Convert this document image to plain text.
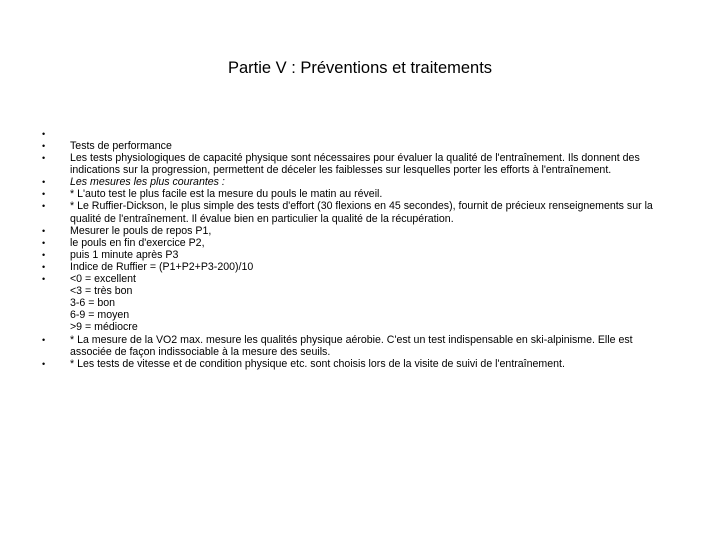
Partie V : Préventions et traitements
•
• Tests de performance
• Les tests physiologiques de capacité physique sont nécessaires pour évaluer la qualité de l'entraînement. Ils donnent des indications sur la progression, permettent de déceler les faiblesses sur lesquelles porter les efforts à l'entraînement.
• Les mesures les plus courantes :
• * L'auto test le plus facile est la mesure du pouls le matin au réveil.
• * Le Ruffier-Dickson, le plus simple des tests d'effort (30 flexions en 45 secondes), fournit de précieux renseignements sur la qualité de l'entraînement. Il évalue bien en particulier la qualité de la récupération.
• Mesurer le pouls de repos P1,
• le pouls en fin d'exercice P2,
• puis 1 minute après P3
• Indice de Ruffier = (P1+P2+P3-200)/10
• <0 = excellent
<3 = très bon
3-6 = bon
6-9 = moyen
>9 = médiocre
• * La mesure de la VO2 max. mesure les qualités physique aérobie. C'est un test indispensable en ski-alpinisme. Elle est associée de façon indissociable à la mesure des seuils.
• * Les tests de vitesse et de condition physique etc. sont choisis lors de la visite de suivi de l'entraînement.
